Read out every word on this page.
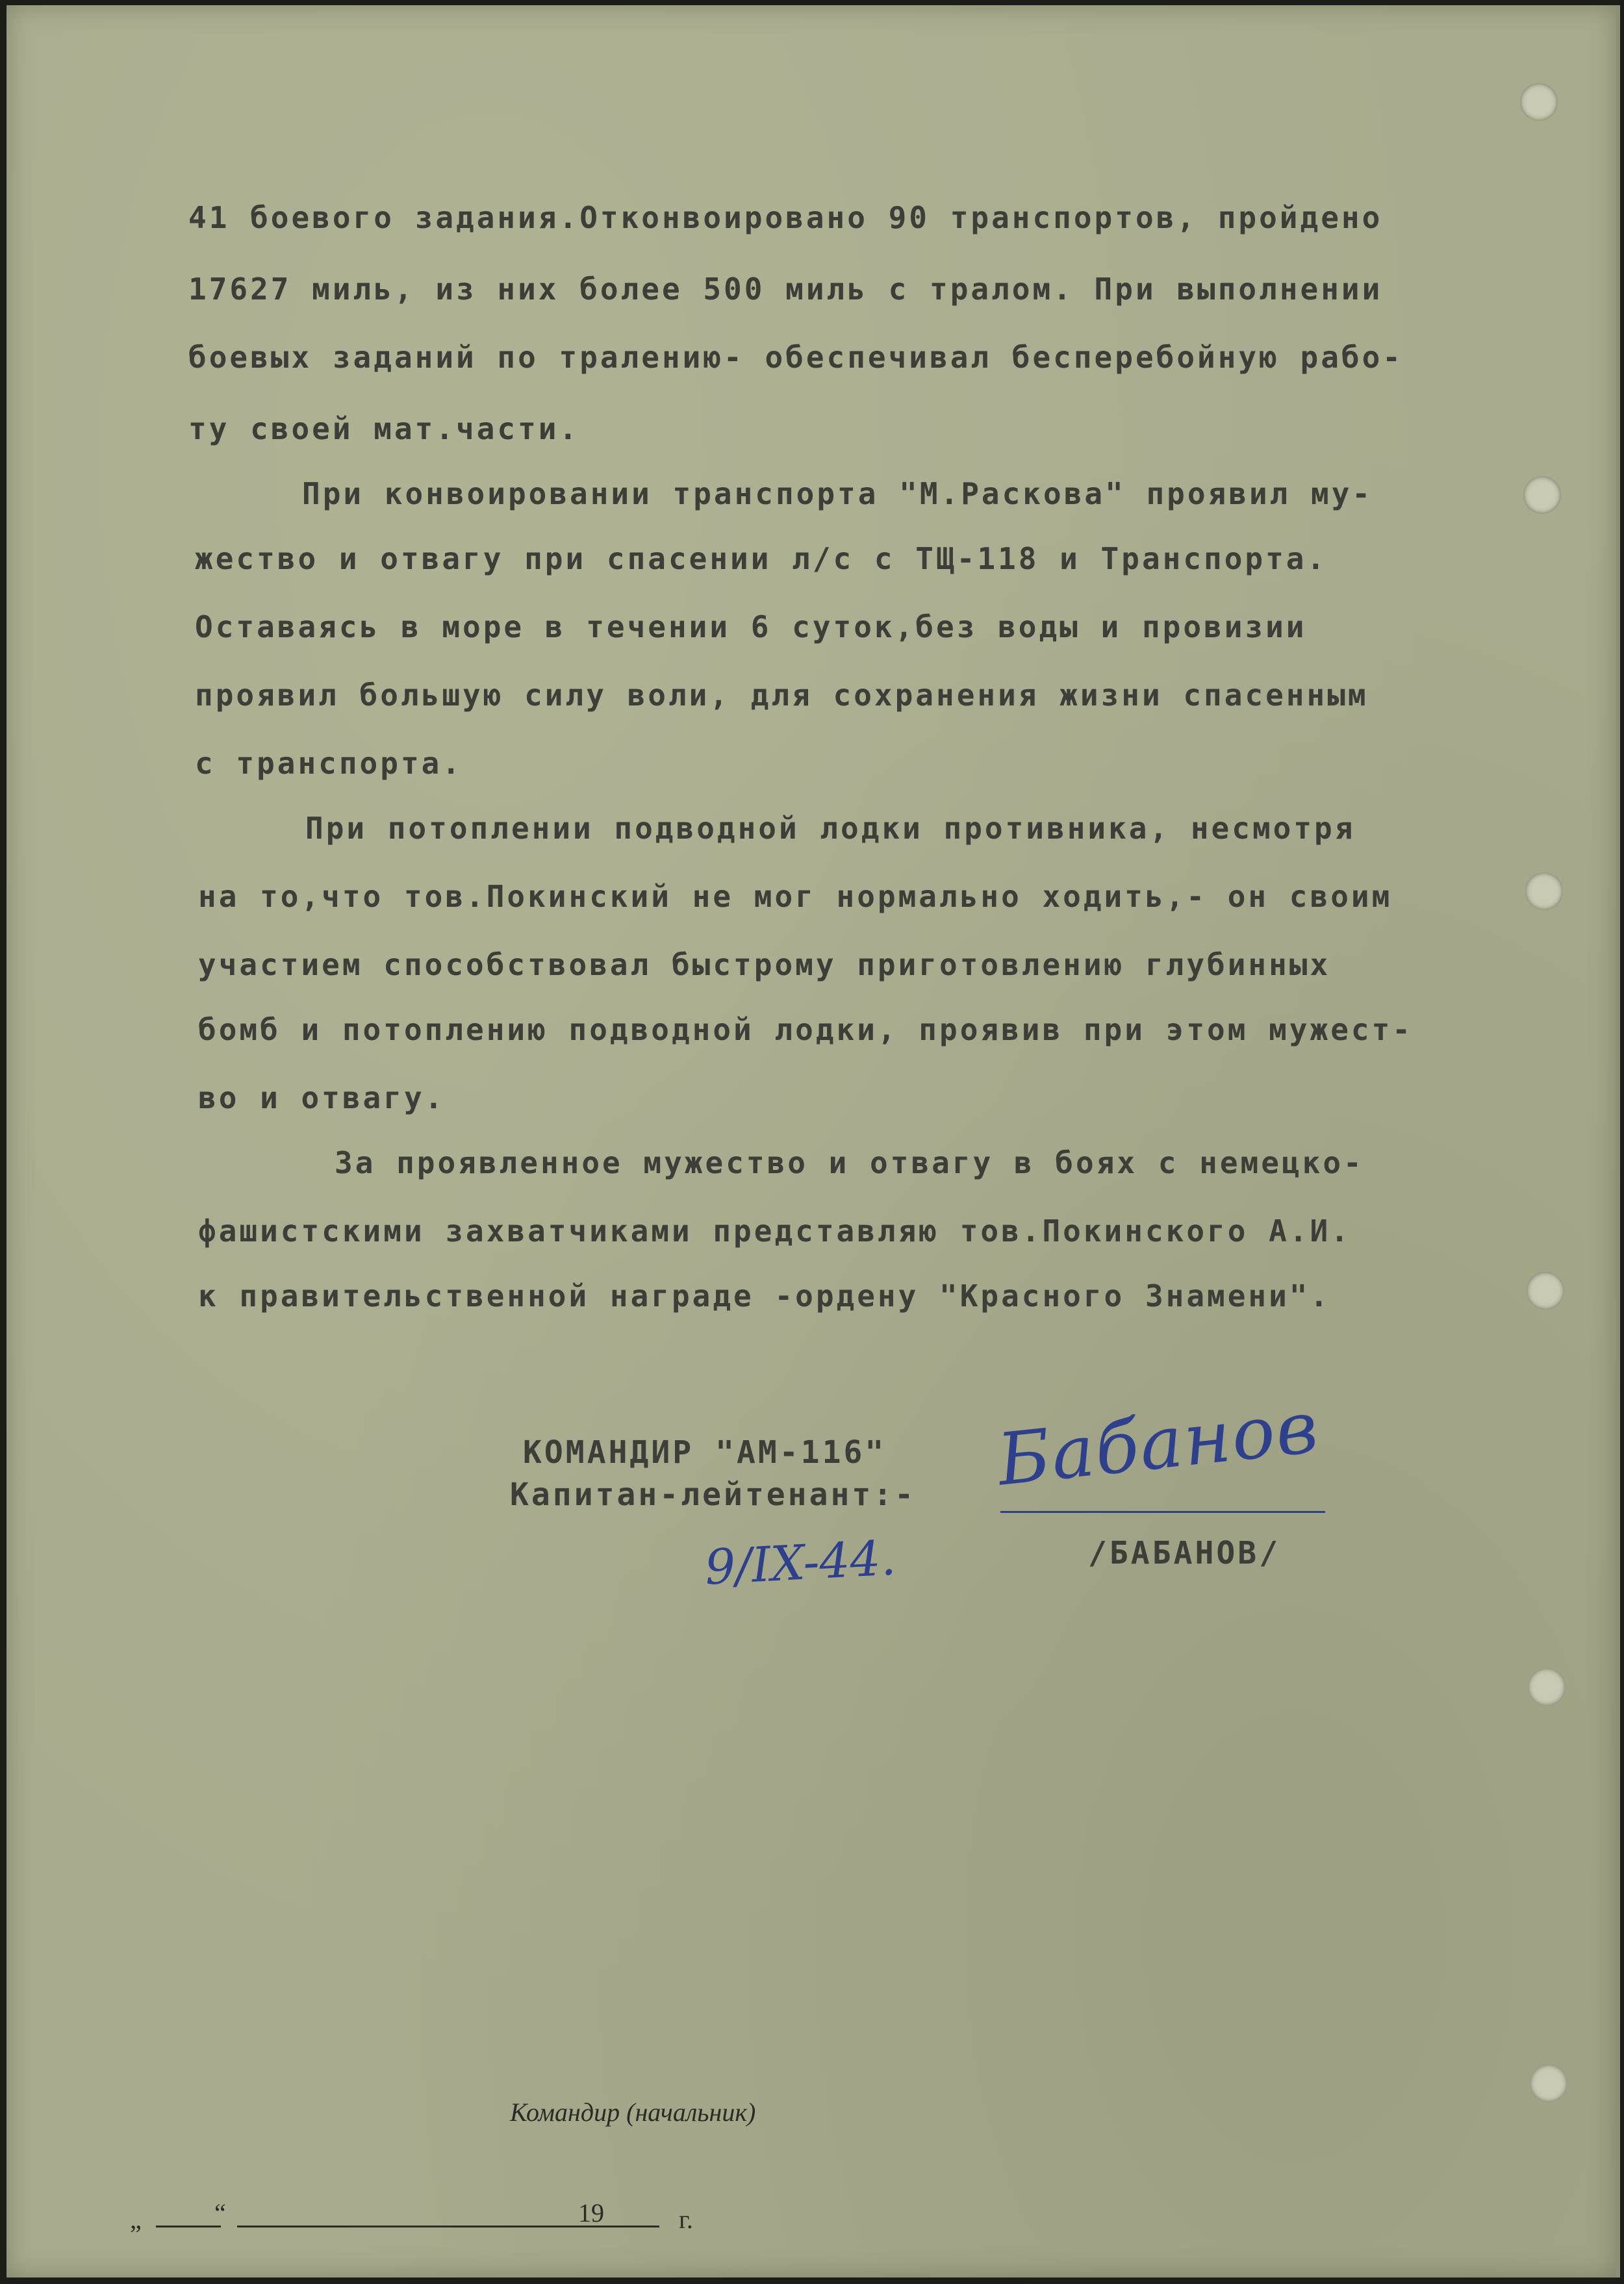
41 боевого задания.Отконвоировано 90 транспортов, пройдено
17627 миль, из них более 500 миль с тралом. При выполнении
боевых заданий по тралению- обеспечивал бесперебойную рабо-
ту своей мат.части.
При конвоировании транспорта "М.Раскова" проявил му-
жество и отвагу при спасении л/с с ТЩ-118 и Транспорта.
Оставаясь в море в течении 6 суток,без воды и провизии
проявил большую силу воли, для сохранения жизни спасенным
с транспорта.
При потоплении подводной лодки противника, несмотря
на то,что тов.Покинский не мог нормально ходить,- он своим
участием способствовал быстрому приготовлению глубинных
бомб и потоплению подводной лодки, проявив при этом мужест-
во и отвагу.
За проявленное мужество и отвагу в боях с немецко-
фашистскими захватчиками представляю тов.Покинского А.И.
к правительственной награде -ордену "Красного Знамени".
КОМАНДИР "АМ-116"
Капитан-лейтенант:-
9/IX-44.
Бабанов
/БАБАНОВ/
Командир (начальник)
„	“	19	г.
